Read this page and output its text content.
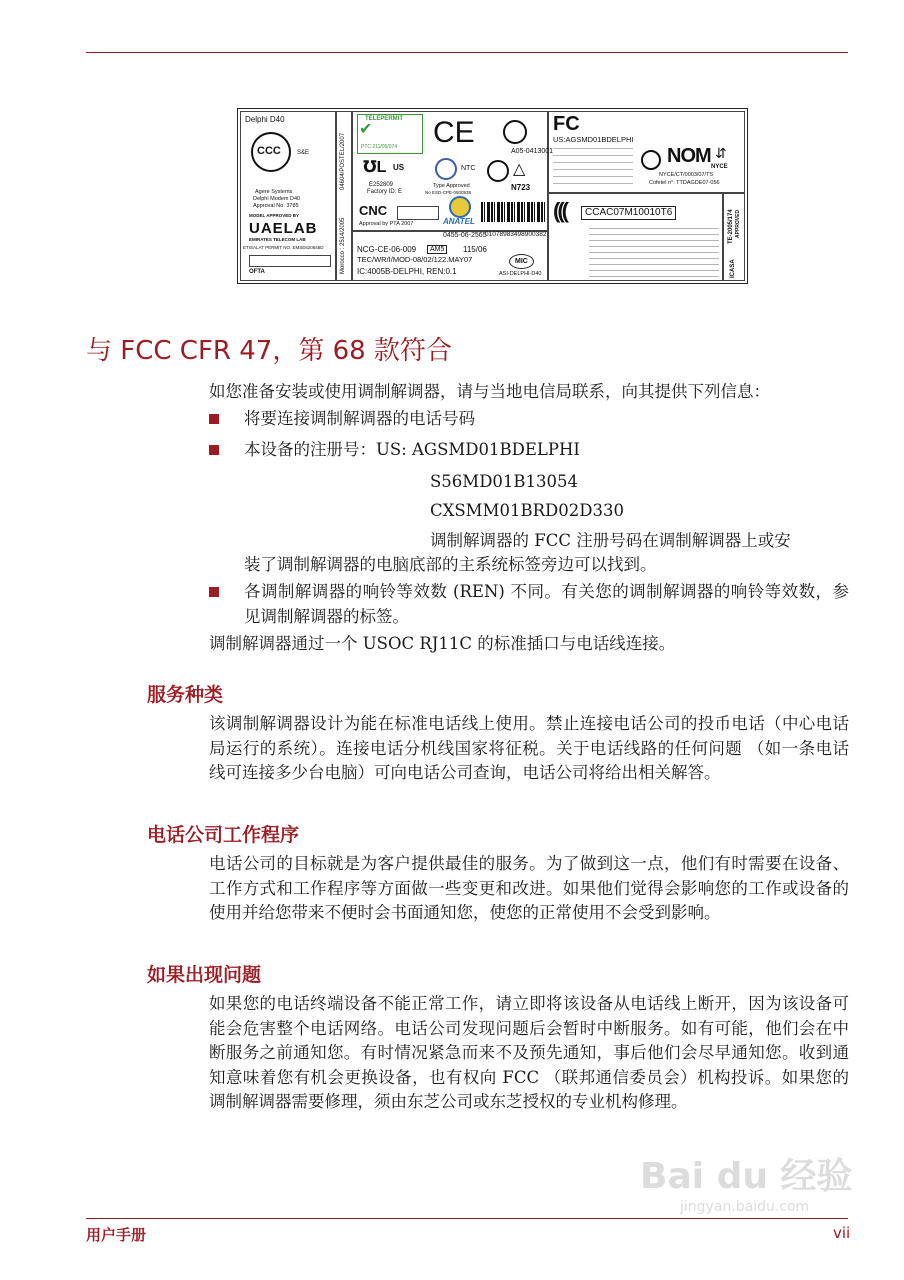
Delphi D40
CCC	S&E
Agere Systems
Delphi Modem D40
Approval No. 3785
MODEL APPROVED BY
UAELAB
EMIRATES TELECOM LAB
ETISALAT PERMIT NO. EMSE620646D
OFTA
04604/POSTEL/2007
Morocco : 2514/2005
TELEPERMIT
✔
PTC 211/05/074 CE
A05-0413001
℧L US
E252809
Factory ID: E
NTC
Type Approved
No ESD-CPE-0500938
△
N723
CNC
Approval by PTA 2007	ANATEL
0455-06-2565
01078983498900382
NCG-CE-06-009	AM5	115/06
TEC/WR/I/MOD-08/02/122.MAY07
IC:4005B-DELPHI, REN:0.1
MIC
ASI-DELPHI-D40
FC
US:AGSMD01BDELPHI
NOM ⇵
NYCE
NYCE/CT/0003/07/TS
Cofetel n°: TTDAGDE07-056
(((	CCAC07M10010T6	TE-2005/174 APPROVED
ICASA
与 FCC CFR 47，第 68 款符合

如您准备安装或使用调制解调器，请与当地电信局联系，向其提供下列信息：

将要连接调制解调器的电话号码
本设备的注册号：US: AGSMD01BDELPHI
S56MD01B13054
CXSMM01BRD02D330
调制解调器的 FCC 注册号码在调制解调器上或安
装了调制解调器的电脑底部的主系统标签旁边可以找到。
各调制解调器的响铃等效数 (REN) 不同。有关您的调制解调器的响铃等效数，参见调制解调器的标签。

调制解调器通过一个 USOC RJ11C 的标准插口与电话线连接。

服务种类

该调制解调器设计为能在标准电话线上使用。禁止连接电话公司的投币电话（中心电话局运行的系统）。连接电话分机线国家将征税。关于电话线路的任何问题 （如一条电话线可连接多少台电脑）可向电话公司查询，电话公司将给出相关解答。

电话公司工作程序

电话公司的目标就是为客户提供最佳的服务。为了做到这一点，他们有时需要在设备、工作方式和工作程序等方面做一些变更和改进。如果他们觉得会影响您的工作或设备的使用并给您带来不便时会书面通知您，使您的正常使用不会受到影响。

如果出现问题

如果您的电话终端设备不能正常工作，请立即将该设备从电话线上断开，因为该设备可能会危害整个电话网络。电话公司发现问题后会暂时中断服务。如有可能，他们会在中断服务之前通知您。有时情况紧急而来不及预先通知，事后他们会尽早通知您。收到通知意味着您有机会更换设备，也有权向 FCC （联邦通信委员会）机构投诉。如果您的调制解调器需要修理，须由东芝公司或东芝授权的专业机构修理。

Bai du 经验
jingyan.baidu.com
用户手册	vii
